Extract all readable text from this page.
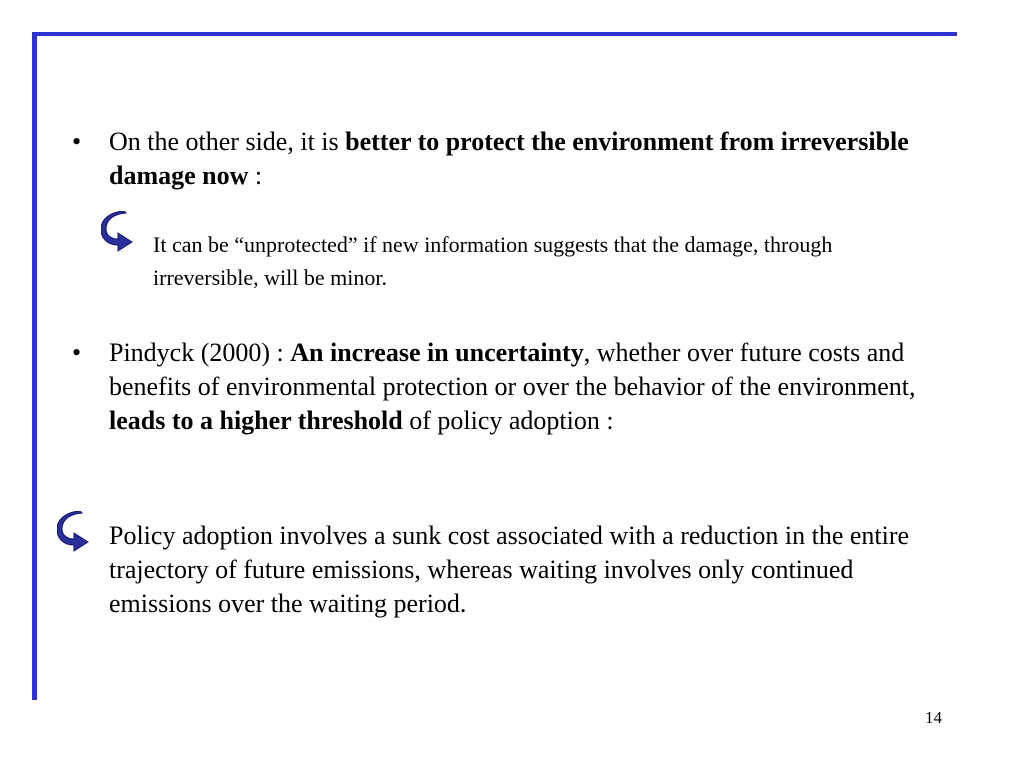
•	On the other side, it is better to protect the environment from irreversible damage now :
It can be “unprotected” if new information suggests that the damage, through irreversible, will be minor.
•	Pindyck (2000) : An increase in uncertainty, whether over future costs and benefits of environmental protection or over the behavior of the environment, leads to a higher threshold of policy adoption :
Policy adoption involves a sunk cost associated with a reduction in the entire trajectory of future emissions, whereas waiting involves only continued emissions over the waiting period.
14
